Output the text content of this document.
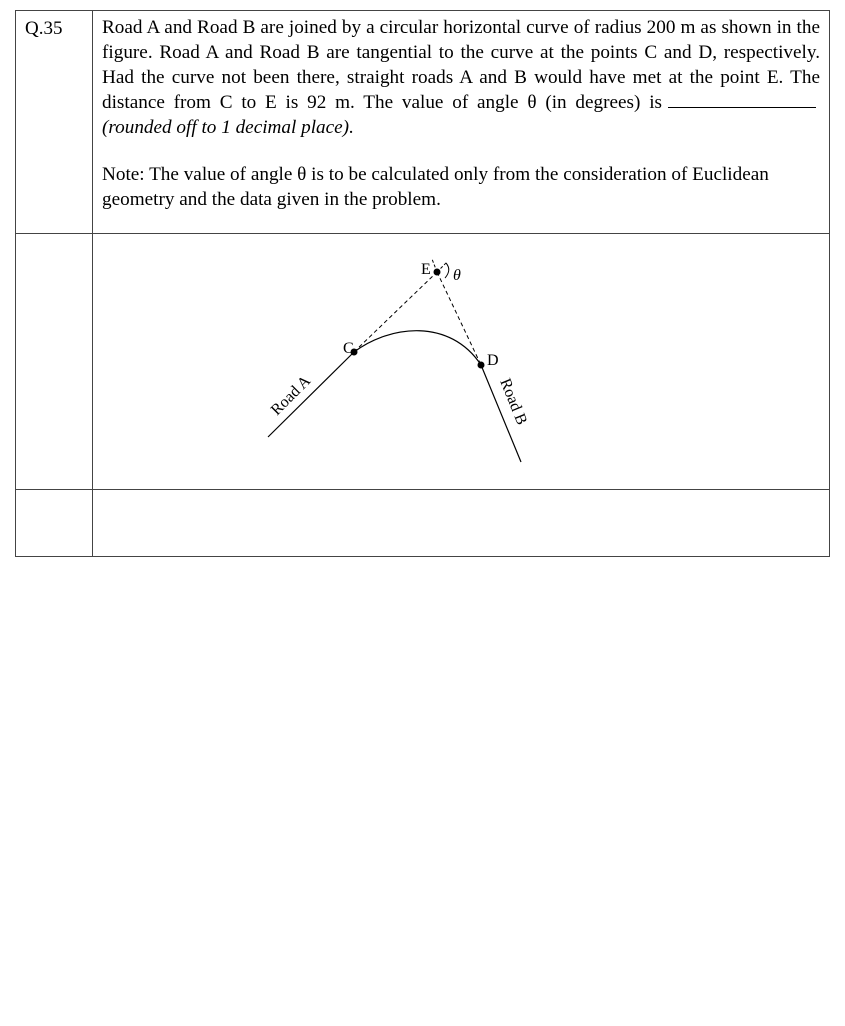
Q.35 Road A and Road B are joined by a circular horizontal curve of radius 200 m as shown in the figure. Road A and Road B are tangential to the curve at the points C and D, respectively. Had the curve not been there, straight roads A and B would have met at the point E. The distance from C to E is 92 m. The value of angle θ (in degrees) is(rounded off to 1 decimal place).

Note: The value of angle θ is to be calculated only from the consideration of Euclidean geometry and the data given in the problem.
C
D
E θ
Road A	Road B
